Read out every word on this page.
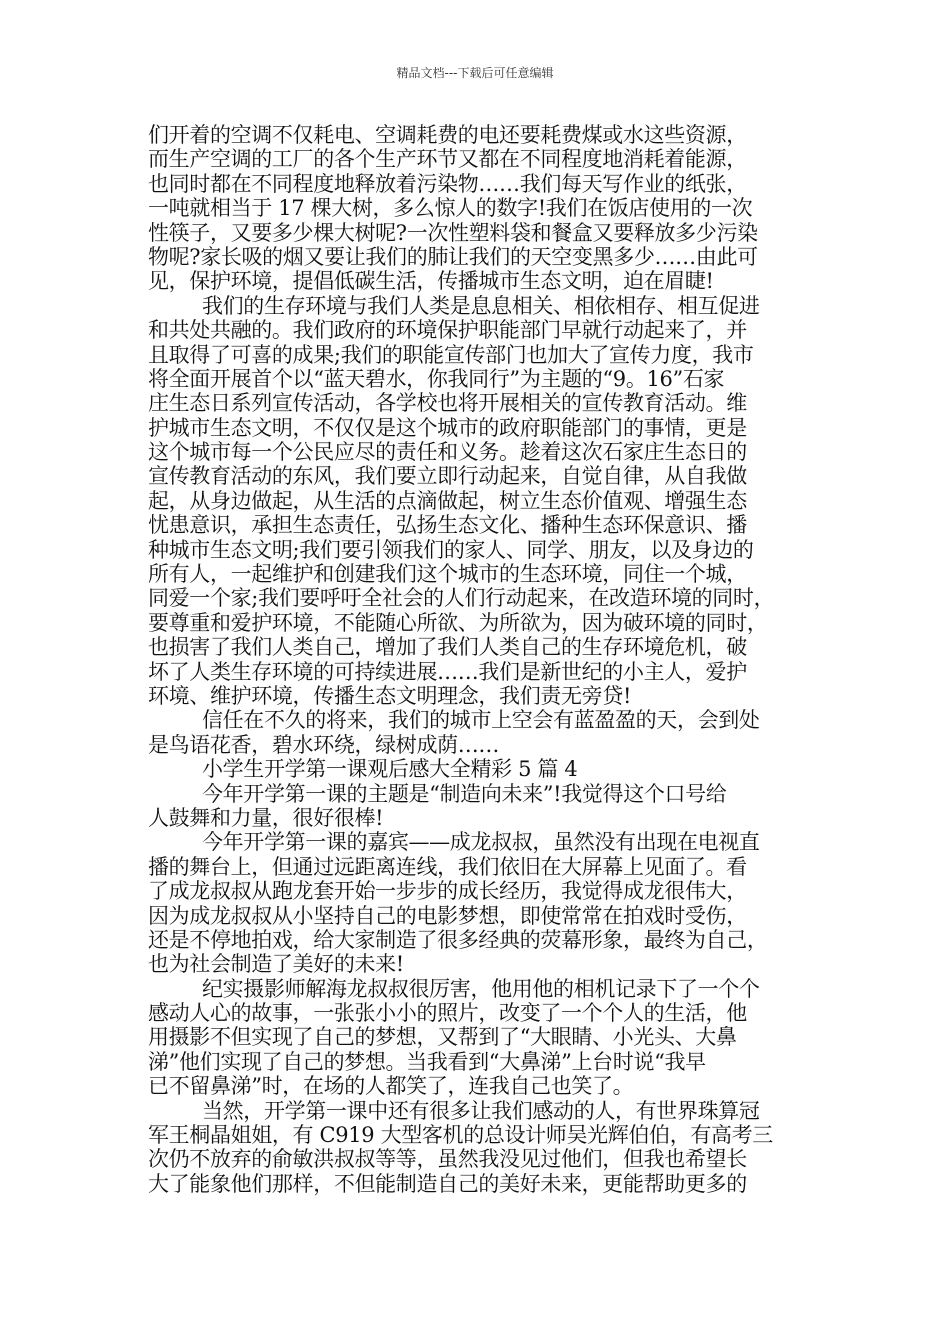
精品文档---下载后可任意编辑
们开着的空调不仅耗电、空调耗费的电还要耗费煤或水这些资源，
而生产空调的工厂的各个生产环节又都在不同程度地消耗着能源，
也同时都在不同程度地释放着污染物……我们每天写作业的纸张，
一吨就相当于 17 棵大树，多么惊人的数字!我们在饭店使用的一次
性筷子，又要多少棵大树呢?一次性塑料袋和餐盒又要释放多少污染
物呢?家长吸的烟又要让我们的肺让我们的天空变黑多少……由此可
见，保护环境，提倡低碳生活，传播城市生态文明，迫在眉睫!
我们的生存环境与我们人类是息息相关、相依相存、相互促进
和共处共融的。我们政府的环境保护职能部门早就行动起来了，并
且取得了可喜的成果;我们的职能宣传部门也加大了宣传力度，我市
将全面开展首个以“蓝天碧水，你我同行”为主题的“9。16”石家
庄生态日系列宣传活动，各学校也将开展相关的宣传教育活动。维
护城市生态文明，不仅仅是这个城市的政府职能部门的事情，更是
这个城市每一个公民应尽的责任和义务。趁着这次石家庄生态日的
宣传教育活动的东风，我们要立即行动起来，自觉自律，从自我做
起，从身边做起，从生活的点滴做起，树立生态价值观、增强生态
忧患意识，承担生态责任，弘扬生态文化、播种生态环保意识、播
种城市生态文明;我们要引领我们的家人、同学、朋友，以及身边的
所有人，一起维护和创建我们这个城市的生态环境，同住一个城，
同爱一个家;我们要呼吁全社会的人们行动起来，在改造环境的同时，
要尊重和爱护环境，不能随心所欲、为所欲为，因为破环境的同时，
也损害了我们人类自己，增加了我们人类自己的生存环境危机，破
坏了人类生存环境的可持续进展……我们是新世纪的小主人，爱护
环境、维护环境，传播生态文明理念，我们责无旁贷!
信任在不久的将来，我们的城市上空会有蓝盈盈的天，会到处
是鸟语花香，碧水环绕，绿树成荫……
小学生开学第一课观后感大全精彩 5 篇 4
今年开学第一课的主题是“制造向未来”!我觉得这个口号给
人鼓舞和力量，很好很棒!
今年开学第一课的嘉宾——成龙叔叔，虽然没有出现在电视直
播的舞台上，但通过远距离连线，我们依旧在大屏幕上见面了。看
了成龙叔叔从跑龙套开始一步步的成长经历，我觉得成龙很伟大，
因为成龙叔叔从小坚持自己的电影梦想，即使常常在拍戏时受伤，
还是不停地拍戏，给大家制造了很多经典的荧幕形象，最终为自己，
也为社会制造了美好的未来!
纪实摄影师解海龙叔叔很厉害，他用他的相机记录下了一个个
感动人心的故事，一张张小小的照片，改变了一个个人的生活，他
用摄影不但实现了自己的梦想，又帮到了“大眼睛、小光头、大鼻
涕”他们实现了自己的梦想。当我看到“大鼻涕”上台时说“我早
已不留鼻涕”时，在场的人都笑了，连我自己也笑了。
当然，开学第一课中还有很多让我们感动的人，有世界珠算冠
军王桐晶姐姐，有 C919 大型客机的总设计师吴光辉伯伯，有高考三
次仍不放弃的俞敏洪叔叔等等，虽然我没见过他们，但我也希望长
大了能象他们那样，不但能制造自己的美好未来，更能帮助更多的
